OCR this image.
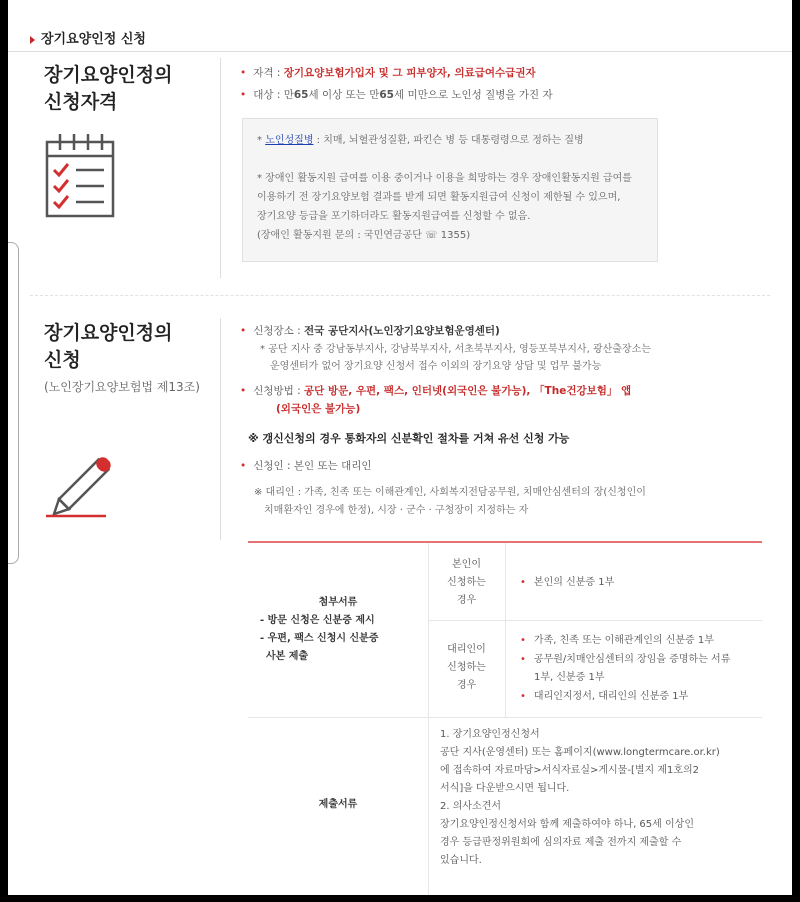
장기요양인정 신청
장기요양인정의
신청자격
• 자격 : 장기요양보험가입자 및 그 피부양자, 의료급여수급권자
• 대상 : 만65세 이상 또는 만65세 미만으로 노인성 질병을 가진 자
* 노인성질병 : 치매, 뇌혈관성질환, 파킨슨 병 등 대통령령으로 정하는 질병
* 장애인 활동지원 급여를 이용 중이거나 이용을 희망하는 경우 장애인활동지원 급여를
이용하기 전 장기요양보험 결과를 받게 되면 활동지원급여 신청이 제한될 수 있으며,
장기요양 등급을 포기하더라도 활동지원급여를 신청할 수 없음.
(장애인 활동지원 문의 : 국민연금공단 ☏ 1355)
장기요양인정의
신청
(노인장기요양보험법 제13조)
• 신청장소 : 전국 공단지사(노인장기요양보험운영센터)
* 공단 지사 중 강남동부지사, 강남북부지사, 서초북부지사, 영등포북부지사, 광산출장소는
운영센터가 없어 장기요양 신청서 접수 이외의 장기요양 상담 및 업무 불가능
• 신청방법 : 공단 방문, 우편, 팩스, 인터넷(외국인은 불가능), 「The건강보험」 앱
(외국인은 불가능)
※ 갱신신청의 경우 통화자의 신분확인 절차를 거쳐 유선 신청 가능
• 신청인 : 본인 또는 대리인
※ 대리인 : 가족, 친족 또는 이해관계인, 사회복지전담공무원, 치매안심센터의 장(신청인이
치매환자인 경우에 한정), 시장 · 군수 · 구청장이 지정하는 자
첨부서류
- 방문 신청은 신분증 제시
- 우편, 팩스 신청시 신분증
사본 제출
본인이
신청하는
경우
• 본인의 신분증 1부
대리인이
신청하는
경우
• 가족, 친족 또는 이해관계인의 신분증 1부
• 공무원/치매안심센터의 장임을 증명하는 서류
1부, 신분증 1부
• 대리인지정서, 대리인의 신분증 1부
제출서류
1. 장기요양인정신청서
공단 지사(운영센터) 또는 홈페이지(www.longtermcare.or.kr)
에 접속하여 자료마당>서식자료실>게시물-[별지 제1호의2
서식]을 다운받으시면 됩니다.
2. 의사소견서
장기요양인정신청서와 함께 제출하여야 하나, 65세 이상인
경우 등급판정위원회에 심의자료 제출 전까지 제출할 수
있습니다.
